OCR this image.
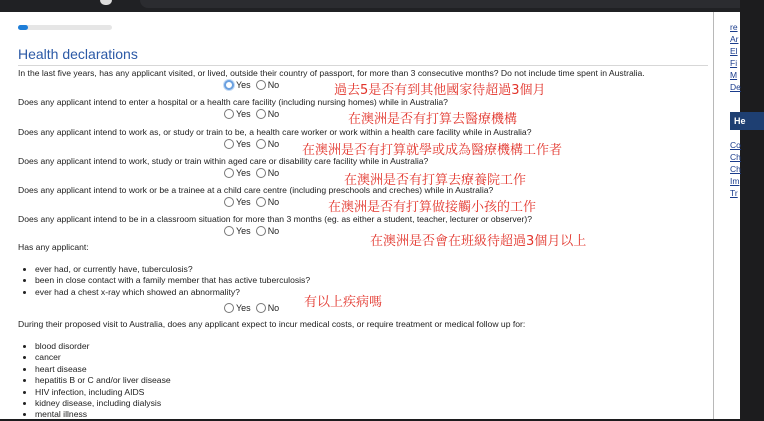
Health declarations
In the last five years, has any applicant visited, or lived, outside their country of passport, for more than 3 consecutive months? Do not include time spent in Australia.
Yes No	過去5是否有到其他國家待超過3個月
Does any applicant intend to enter a hospital or a health care facility (including nursing homes) while in Australia?
Yes No	在澳洲是否有打算去醫療機構
Does any applicant intend to work as, or study or train to be, a health care worker or work within a health care facility while in Australia?
Yes No 在澳洲是否有打算就學或成為醫療機構工作者
Does any applicant intend to work, study or train within aged care or disability care facility while in Australia?
Yes No	在澳洲是否有打算去療養院工作
Does any applicant intend to work or be a trainee at a child care centre (including preschools and creches) while in Australia?
Yes No	在澳洲是否有打算做接觸小孩的工作
Does any applicant intend to be in a classroom situation for more than 3 months (eg. as either a student, teacher, lecturer or observer)?
Yes No
在澳洲是否會在班級待超過3個月以上
Has any applicant:
• ever had, or currently have, tuberculosis?
• been in close contact with a family member that has active tuberculosis?
• ever had a chest x-ray which showed an abnormality?
Yes No 有以上疾病嗎
During their proposed visit to Australia, does any applicant expect to incur medical costs, or require treatment or medical follow up for:
• blood disorder
• cancer
• heart disease
• hepatitis B or C and/or liver disease
• HIV infection, including AIDS
• kidney disease, including dialysis
• mental illness
re
Ar
El
Fi
M
De
He
Co
Ch
Ch
Im
Tr
